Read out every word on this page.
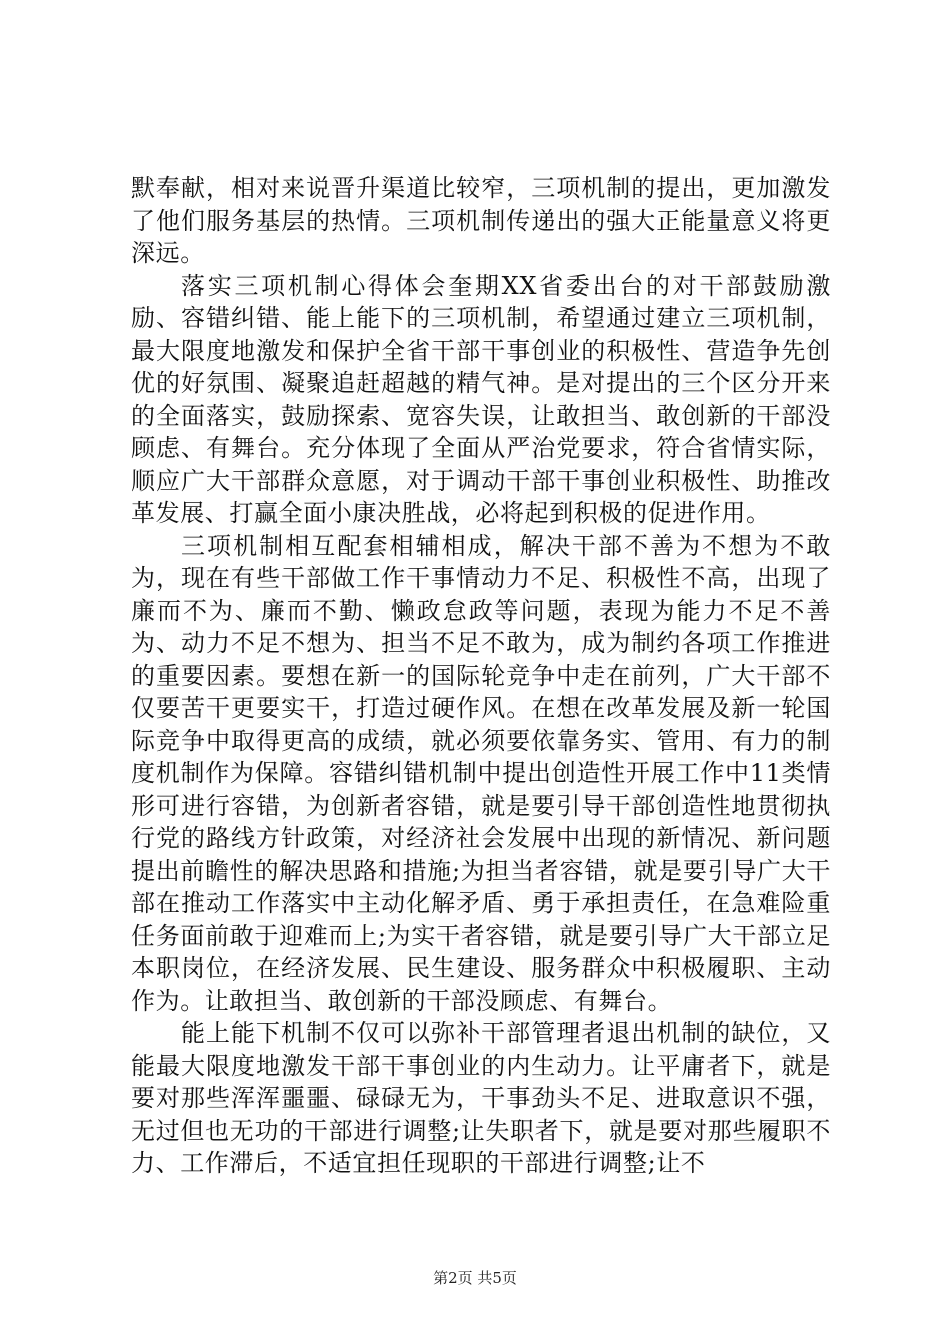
默奉献，相对来说晋升渠道比较窄，三项机制的提出，更加激发了他们服务基层的热情。三项机制传递出的强大正能量意义将更深远。

落实三项机制心得体会奎期XX省委出台的对干部鼓励激励、容错纠错、能上能下的三项机制，希望通过建立三项机制，最大限度地激发和保护全省干部干事创业的积极性、营造争先创优的好氛围、凝聚追赶超越的精气神。是对提出的三个区分开来的全面落实，鼓励探索、宽容失误，让敢担当、敢创新的干部没顾虑、有舞台。充分体现了全面从严治党要求，符合省情实际，顺应广大干部群众意愿，对于调动干部干事创业积极性、助推改革发展、打赢全面小康决胜战，必将起到积极的促进作用。

三项机制相互配套相辅相成，解决干部不善为不想为不敢为，现在有些干部做工作干事情动力不足、积极性不高，出现了廉而不为、廉而不勤、懒政怠政等问题，表现为能力不足不善为、动力不足不想为、担当不足不敢为，成为制约各项工作推进的重要因素。要想在新一的国际轮竞争中走在前列，广大干部不仅要苦干更要实干，打造过硬作风。在想在改革发展及新一轮国际竞争中取得更高的成绩，就必须要依靠务实、管用、有力的制度机制作为保障。容错纠错机制中提出创造性开展工作中11类情形可进行容错，为创新者容错，就是要引导干部创造性地贯彻执行党的路线方针政策，对经济社会发展中出现的新情况、新问题提出前瞻性的解决思路和措施;为担当者容错，就是要引导广大干部在推动工作落实中主动化解矛盾、勇于承担责任，在急难险重任务面前敢于迎难而上;为实干者容错，就是要引导广大干部立足本职岗位，在经济发展、民生建设、服务群众中积极履职、主动作为。让敢担当、敢创新的干部没顾虑、有舞台。

能上能下机制不仅可以弥补干部管理者退出机制的缺位，又能最大限度地激发干部干事创业的内生动力。让平庸者下，就是要对那些浑浑噩噩、碌碌无为，干事劲头不足、进取意识不强，无过但也无功的干部进行调整;让失职者下，就是要对那些履职不力、工作滞后，不适宜担任现职的干部进行调整;让不

第2页 共5页
